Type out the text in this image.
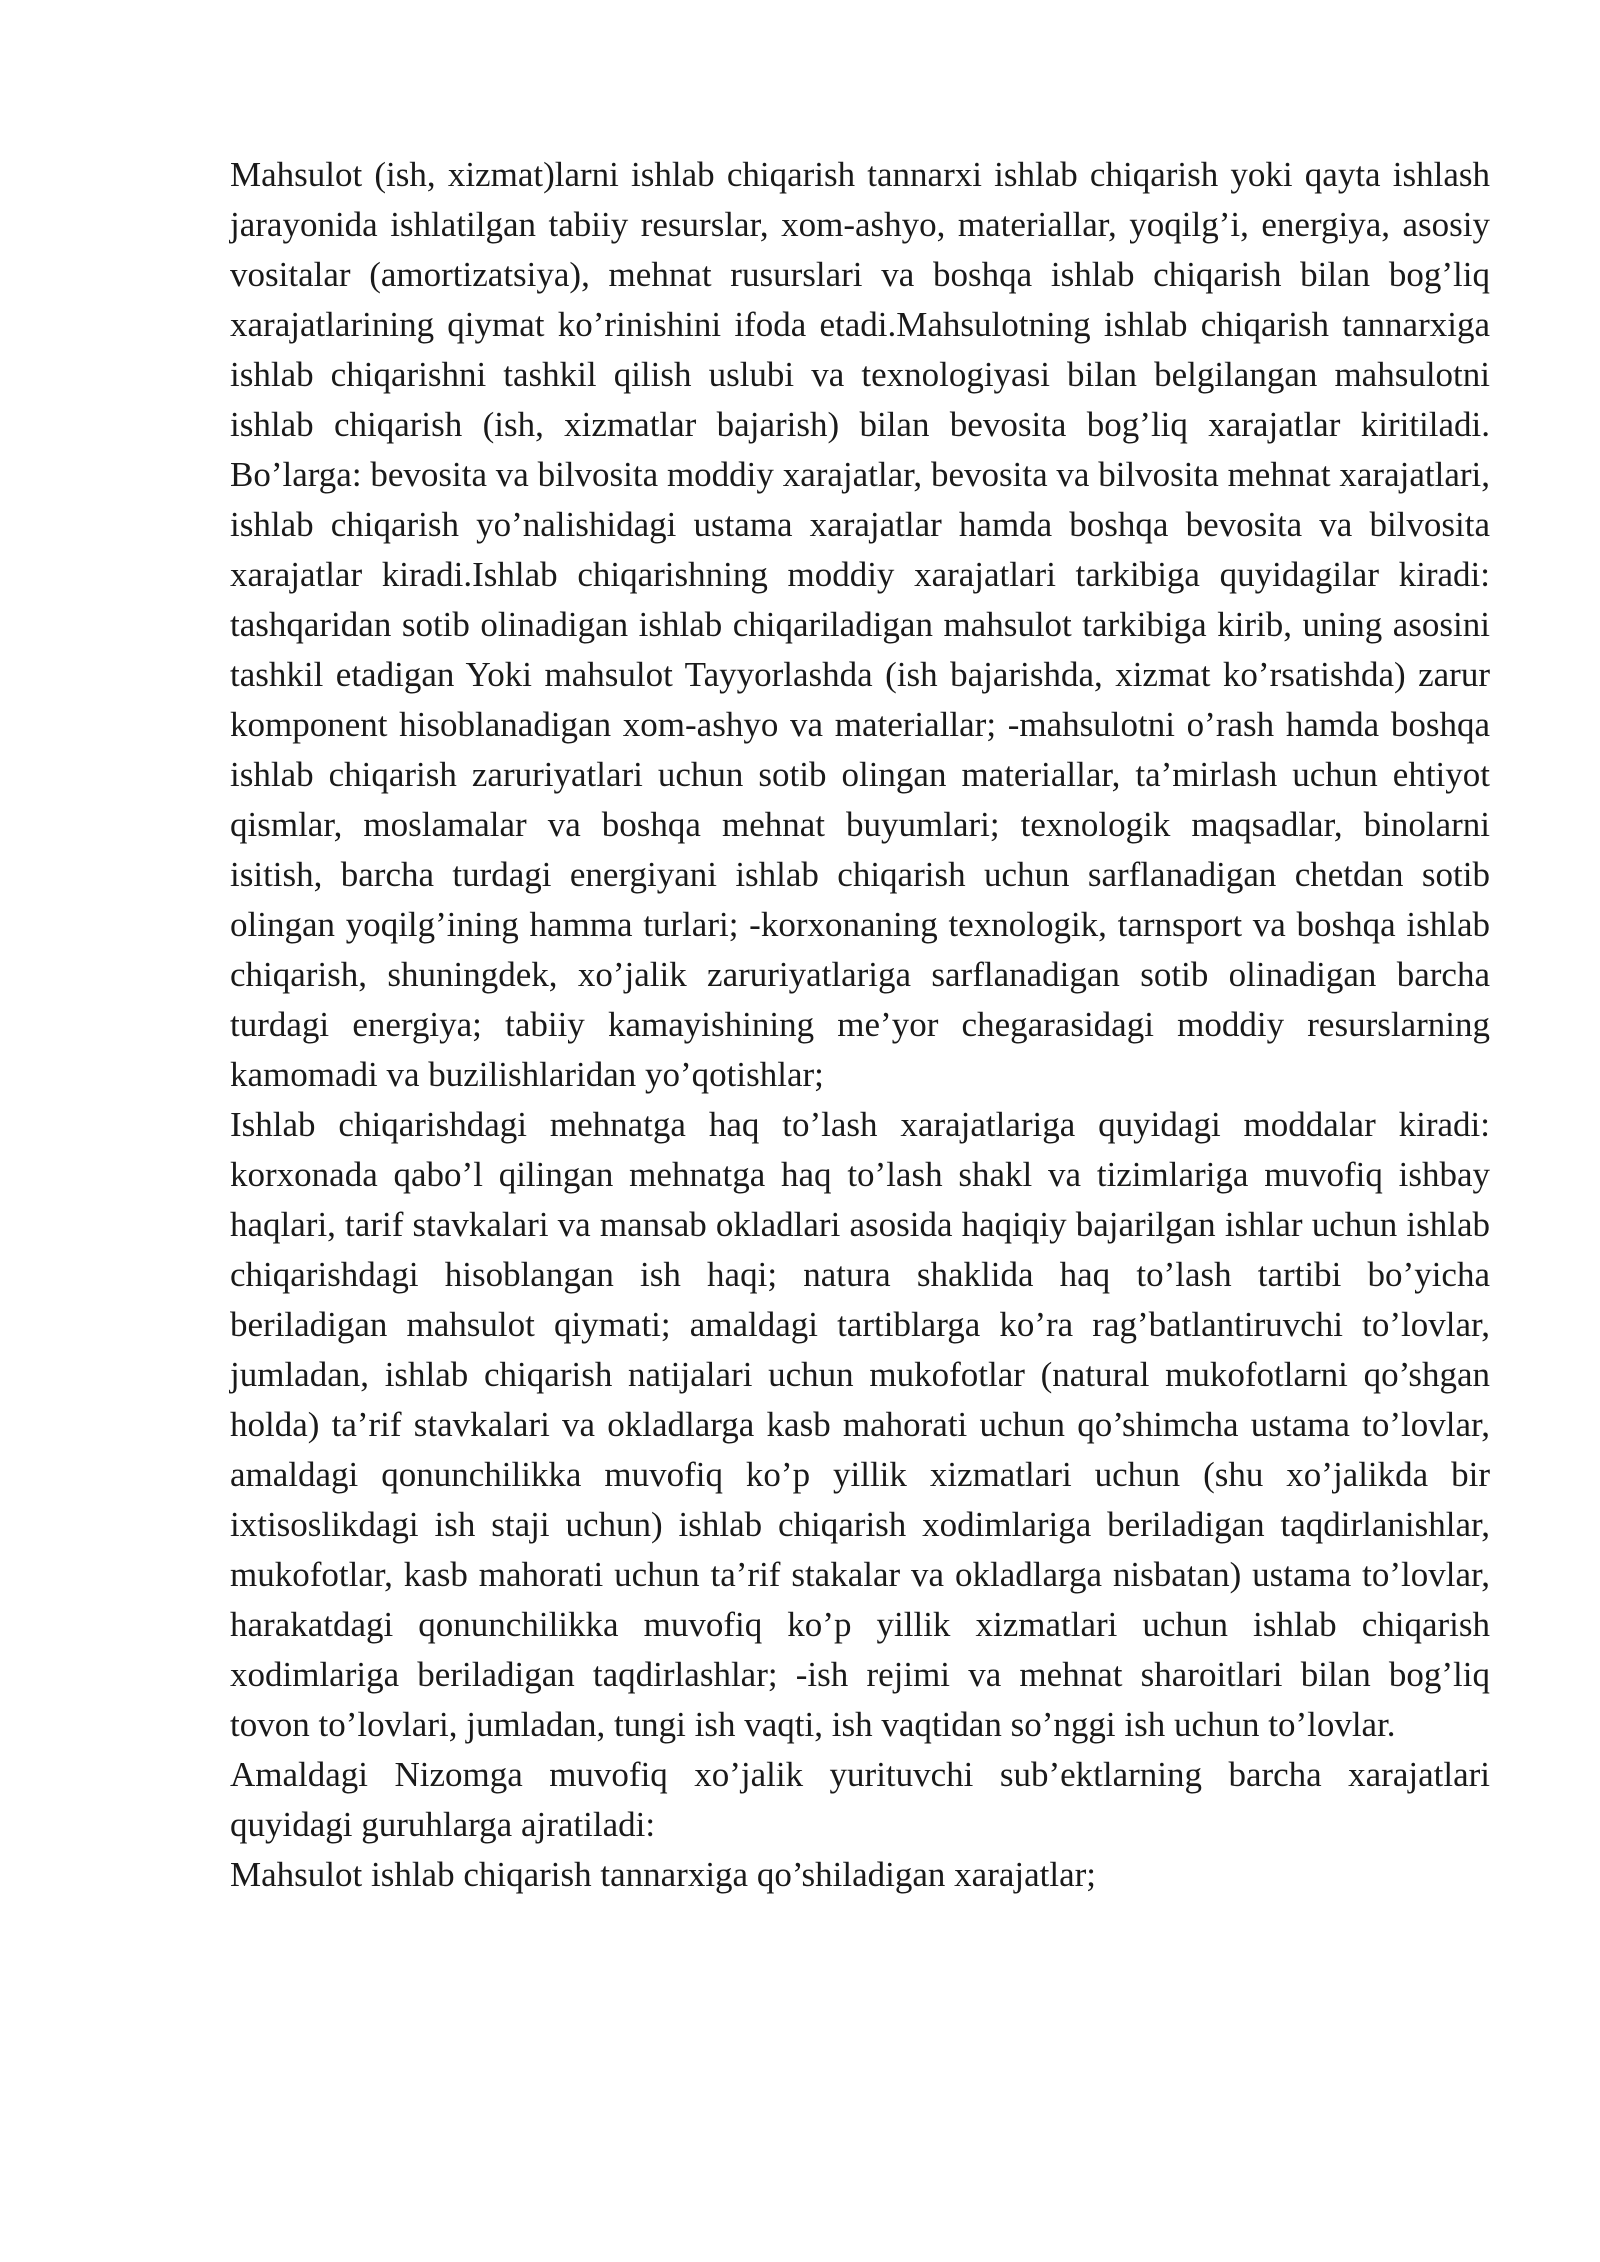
Mahsulot (ish, xizmat)larni ishlab chiqarish tannarxi ishlab chiqarish yoki qayta ishlash jarayonida ishlatilgan tabiiy resurslar, xom-ashyo, materiallar, yoqilg’i, energiya, asosiy vositalar (amortizatsiya), mehnat rusurslari va boshqa ishlab chiqarish bilan bog’liq xarajatlarining qiymat ko’rinishini ifoda etadi.Mahsulotning ishlab chiqarish tannarxiga ishlab chiqarishni tashkil qilish uslubi va texnologiyasi bilan belgilangan mahsulotni ishlab chiqarish (ish, xizmatlar bajarish) bilan bevosita bog’liq xarajatlar kiritiladi. Bo’larga: bevosita va bilvosita moddiy xarajatlar, bevosita va bilvosita mehnat xarajatlari, ishlab chiqarish yo’nalishidagi ustama xarajatlar hamda boshqa bevosita va bilvosita xarajatlar kiradi.Ishlab chiqarishning moddiy xarajatlari tarkibiga quyidagilar kiradi: tashqaridan sotib olinadigan ishlab chiqariladigan mahsulot tarkibiga kirib, uning asosini tashkil etadigan Yoki mahsulot Tayyorlashda (ish bajarishda, xizmat ko’rsatishda) zarur komponent hisoblanadigan xom-ashyo va materiallar; -mahsulotni o’rash hamda boshqa ishlab chiqarish zaruriyatlari uchun sotib olingan materiallar, ta’mirlash uchun ehtiyot qismlar, moslamalar va boshqa mehnat buyumlari; texnologik maqsadlar, binolarni isitish, barcha turdagi energiyani ishlab chiqarish uchun sarflanadigan chetdan sotib olingan yoqilg’ining hamma turlari; -korxonaning texnologik, tarnsport va boshqa ishlab chiqarish, shuningdek, xo’jalik zaruriyatlariga sarflanadigan sotib olinadigan barcha turdagi energiya; tabiiy kamayishining me’yor chegarasidagi moddiy resurslarning kamomadi va buzilishlaridan yo’qotishlar;

Ishlab chiqarishdagi mehnatga haq to’lash xarajatlariga quyidagi moddalar kiradi: korxonada qabo’l qilingan mehnatga haq to’lash shakl va tizimlariga muvofiq ishbay haqlari, tarif stavkalari va mansab okladlari asosida haqiqiy bajarilgan ishlar uchun ishlab chiqarishdagi hisoblangan ish haqi; natura shaklida haq to’lash tartibi bo’yicha beriladigan mahsulot qiymati; amaldagi tartiblarga ko’ra rag’batlantiruvchi to’lovlar, jumladan, ishlab chiqarish natijalari uchun mukofotlar (natural mukofotlarni qo’shgan holda) ta’rif stavkalari va okladlarga kasb mahorati uchun qo’shimcha ustama to’lovlar, amaldagi qonunchilikka muvofiq ko’p yillik xizmatlari uchun (shu xo’jalikda bir ixtisoslikdagi ish staji uchun) ishlab chiqarish xodimlariga beriladigan taqdirlanishlar, mukofotlar, kasb mahorati uchun ta’rif stakalar va okladlarga nisbatan) ustama to’lovlar, harakatdagi qonunchilikka muvofiq ko’p yillik xizmatlari uchun ishlab chiqarish xodimlariga beriladigan taqdirlashlar; -ish rejimi va mehnat sharoitlari bilan bog’liq tovon to’lovlari, jumladan, tungi ish vaqti, ish vaqtidan so’nggi ish uchun to’lovlar.

Amaldagi Nizomga muvofiq xo’jalik yurituvchi sub’ektlarning barcha xarajatlari quyidagi guruhlarga ajratiladi:

Mahsulot ishlab chiqarish tannarxiga qo’shiladigan xarajatlar;
